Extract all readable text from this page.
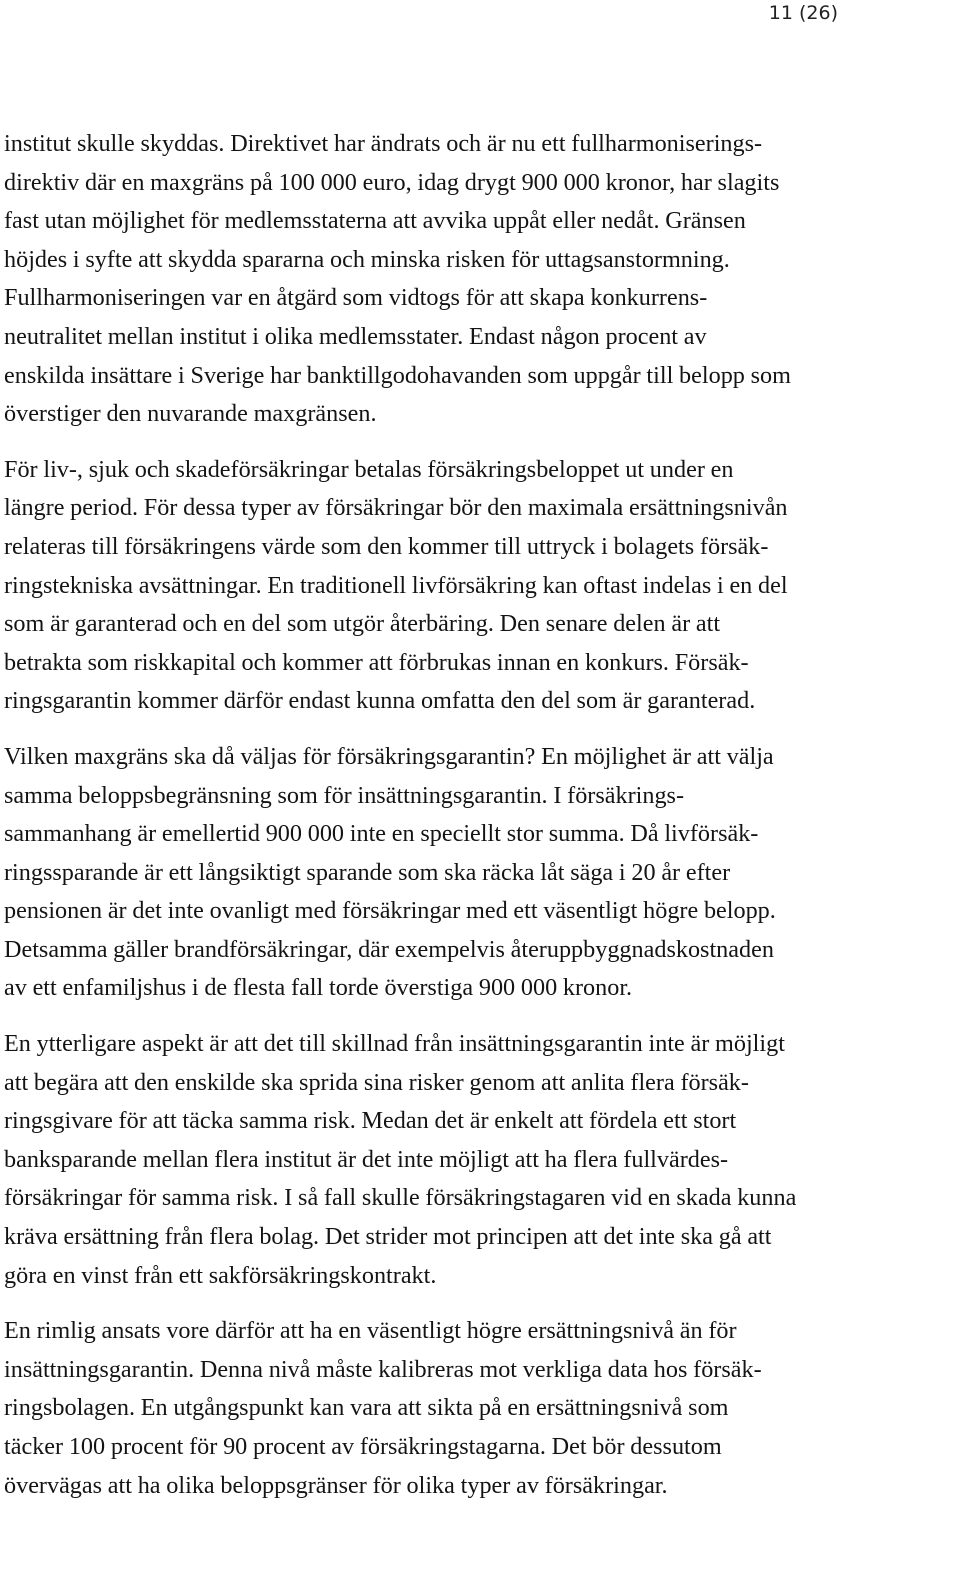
11 (26)
institut skulle skyddas. Direktivet har ändrats och är nu ett fullharmoniserings-
direktiv där en maxgräns på 100 000 euro, idag drygt 900 000 kronor, har slagits
fast utan möjlighet för medlemsstaterna att avvika uppåt eller nedåt. Gränsen
höjdes i syfte att skydda spararna och minska risken för uttagsanstormning.
Fullharmoniseringen var en åtgärd som vidtogs för att skapa konkurrens-
neutralitet mellan institut i olika medlemsstater. Endast någon procent av
enskilda insättare i Sverige har banktillgodohavanden som uppgår till belopp som
överstiger den nuvarande maxgränsen.
För liv-, sjuk och skadeförsäkringar betalas försäkringsbeloppet ut under en
längre period. För dessa typer av försäkringar bör den maximala ersättningsnivån
relateras till försäkringens värde som den kommer till uttryck i bolagets försäk-
ringstekniska avsättningar. En traditionell livförsäkring kan oftast indelas i en del
som är garanterad och en del som utgör återbäring. Den senare delen är att
betrakta som riskkapital och kommer att förbrukas innan en konkurs. Försäk-
ringsgarantin kommer därför endast kunna omfatta den del som är garanterad.
Vilken maxgräns ska då väljas för försäkringsgarantin? En möjlighet är att välja
samma beloppsbegränsning som för insättningsgarantin. I försäkrings-
sammanhang är emellertid 900 000 inte en speciellt stor summa. Då livförsäk-
ringssparande är ett långsiktigt sparande som ska räcka låt säga i 20 år efter
pensionen är det inte ovanligt med försäkringar med ett väsentligt högre belopp.
Detsamma gäller brandförsäkringar, där exempelvis återuppbyggnadskostnaden
av ett enfamiljshus i de flesta fall torde överstiga 900 000 kronor.
En ytterligare aspekt är att det till skillnad från insättningsgarantin inte är möjligt
att begära att den enskilde ska sprida sina risker genom att anlita flera försäk-
ringsgivare för att täcka samma risk. Medan det är enkelt att fördela ett stort
banksparande mellan flera institut är det inte möjligt att ha flera fullvärdes-
försäkringar för samma risk. I så fall skulle försäkringstagaren vid en skada kunna
kräva ersättning från flera bolag. Det strider mot principen att det inte ska gå att
göra en vinst från ett sakförsäkringskontrakt.
En rimlig ansats vore därför att ha en väsentligt högre ersättningsnivå än för
insättningsgarantin. Denna nivå måste kalibreras mot verkliga data hos försäk-
ringsbolagen. En utgångspunkt kan vara att sikta på en ersättningsnivå som
täcker 100 procent för 90 procent av försäkringstagarna. Det bör dessutom
övervägas att ha olika beloppsgränser för olika typer av försäkringar.
